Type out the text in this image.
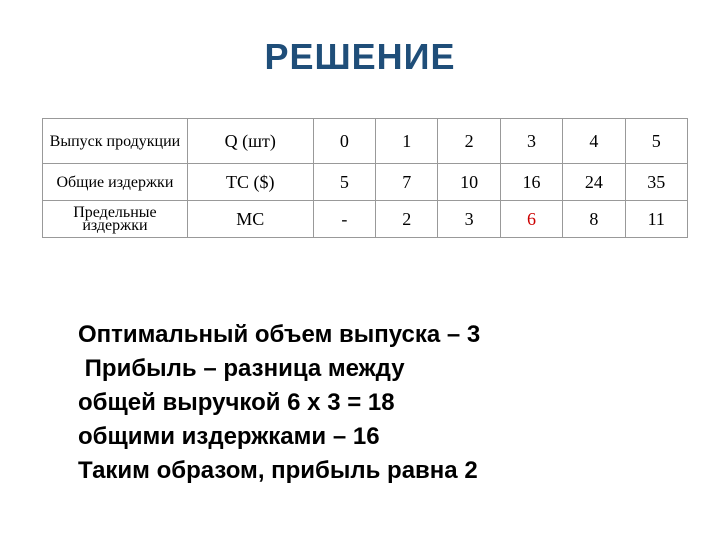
РЕШЕНИЕ
Выпуск продукции	Q (шт)	0	1	2	3	4	5
Общие издержки	TC ($)	5	7	10	16	24	35
Предельные издержки	MC	-	2	3	6	8	11
Оптимальный объем выпуска – 3
Прибыль – разница между
общей выручкой 6 х 3 = 18
общими издержками – 16
Таким образом, прибыль равна 2
